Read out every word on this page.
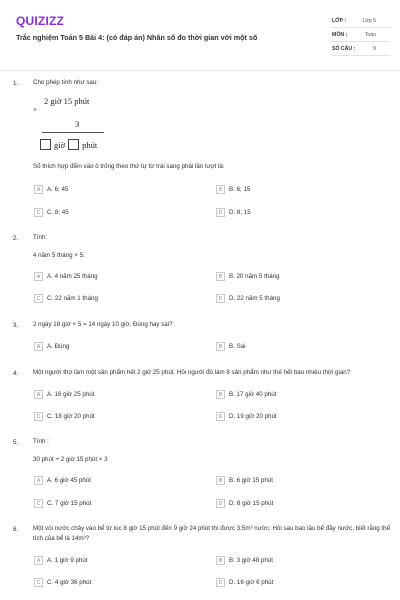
QUIZIZZ
Trắc nghiệm Toán 5 Bài 4: (có đáp án) Nhân số đo thời gian với một số
LỚP :	Lớp 5
MÔN :	Toán
SỐ CÂU :	9
1. Cho phép tính như sau:
2 giờ 15 phút
×
3
giờ phút
Số thích hợp điền vào ô trống theo thứ tự từ trái sang phải lần lượt là:
A	A. 6; 45	B	B. 6; 15
C	C. 8; 45	D	D. 8; 15
2. Tính:
4 năm 5 tháng × 5.
A	A. 4 năm 25 tháng	B	B. 20 năm 5 tháng
C	C. 22 năm 1 tháng	D	D. 22 năm 5 tháng
3. 2 ngày 18 giờ × 5 = 14 ngày 10 giờ. Đúng hay sai?
A	A. Đúng	B	B. Sai
4. Một người thợ làm một sản phẩm hết 2 giờ 25 phút. Hỏi người đó làm 8 sản phẩm như thế hết bao nhiêu thời gian?
A	A. 16 giờ 25 phút	B	B. 17 giờ 40 phút
C	C. 18 giờ 20 phút	D	D. 19 giờ 20 phút
5. Tính :
30 phút + 2 giờ 15 phút × 3
A	A. 6 giờ 45 phút	B	B. 6 giờ 15 phút
C	C. 7 giờ 15 phút	D	D. 8 giờ 15 phút
6. Một vòi nước chảy vào bể từ lúc 8 giờ 15 phút đến 9 giờ 24 phút thì được 3,5m³ nước. Hỏi sau bao lâu bể đầy nước, biết rằng thể tích của bể là 14m³?
A	A. 1 giờ 9 phút	B	B. 3 giờ 48 phút
C	C. 4 giờ 36 phút	D	D. 16 giờ 6 phút
